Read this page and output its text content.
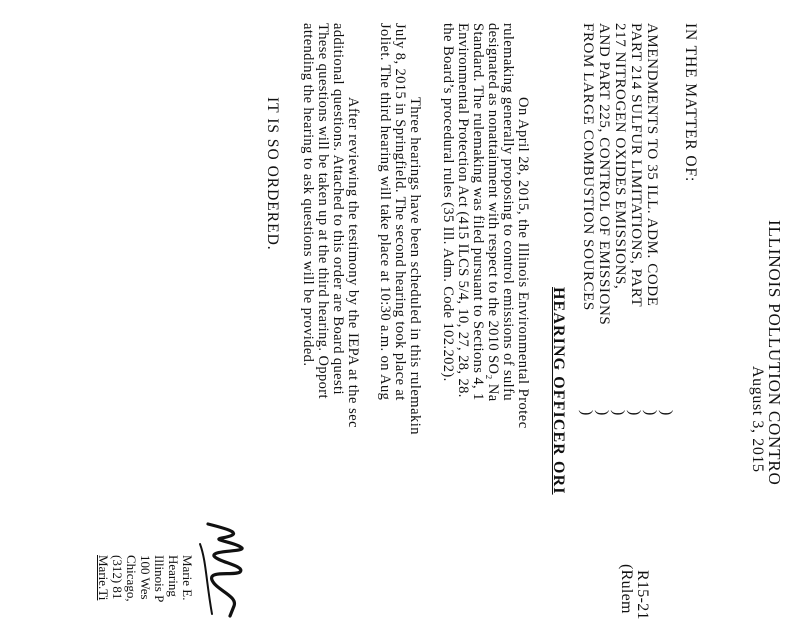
ILLINOIS POLLUTION CONTRO
August 3, 2015
IN THE MATTER OF:
AMENDMENTS TO 35 ILL. ADM. CODE
PART 214 SULFUR LIMITATIONS, PART
217 NITROGEN OXIDES EMISSIONS,
AND PART 225, CONTROL OF EMISSIONS
FROM LARGE COMBUSTION SOURCES
)
)
)
)
)
)
R15-21
(Rulem
HEARING OFFICER ORI
On April 28, 2015, the Illinois Environmental Protec
rulemaking generally proposing to control emissions of sulfu
designated as nonattainment with respect to the 2010 SO₂ Na
Standard. The rulemaking was filed pursuant to Sections 4, 1
Environmental Protection Act (415 ILCS 5/4, 10, 27, 28, 28.
the Board’s procedural rules (35 Ill. Adm. Code 102.202).
Three hearings have been scheduled in this rulemakin
July 8, 2015 in Springfield. The second hearing took place at
Joliet. The third hearing will take place at 10:30 a.m. on Aug
After reviewing the testimony by the IEPA at the sec
additional questions. Attached to this order are Board questi
These questions will be taken up at the third hearing. Opport
attending the hearing to ask questions will be provided.
IT IS SO ORDERED.
Marie E.
Hearing
Illinois P
100 Wes
Chicago,
(312) 81
Marie.Ti
